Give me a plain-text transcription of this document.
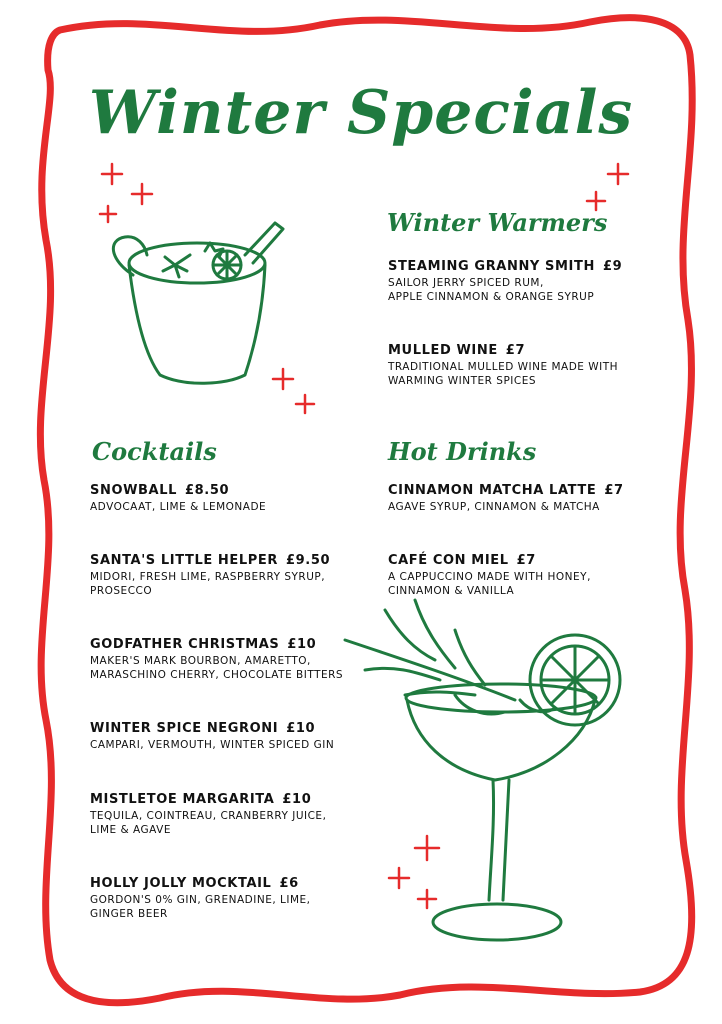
Winter Specials
Winter Warmers
STEAMING GRANNY SMITH £9
SAILOR JERRY SPICED RUM,
APPLE CINNAMON & ORANGE SYRUP
MULLED WINE £7
TRADITIONAL MULLED WINE MADE WITH
WARMING WINTER SPICES
Cocktails
SNOWBALL £8.50
ADVOCAAT, LIME & LEMONADE
SANTA'S LITTLE HELPER £9.50
MIDORI, FRESH LIME, RASPBERRY SYRUP,
PROSECCO
GODFATHER CHRISTMAS £10
MAKER'S MARK BOURBON, AMARETTO,
MARASCHINO CHERRY, CHOCOLATE BITTERS
WINTER SPICE NEGRONI £10
CAMPARI, VERMOUTH, WINTER SPICED GIN
MISTLETOE MARGARITA £10
TEQUILA, COINTREAU, CRANBERRY JUICE,
LIME & AGAVE
HOLLY JOLLY MOCKTAIL £6
GORDON'S 0% GIN, GRENADINE, LIME,
GINGER BEER
Hot Drinks
CINNAMON MATCHA LATTE £7
AGAVE SYRUP, CINNAMON & MATCHA
CAFÉ CON MIEL £7
A CAPPUCCINO MADE WITH HONEY,
CINNAMON & VANILLA
